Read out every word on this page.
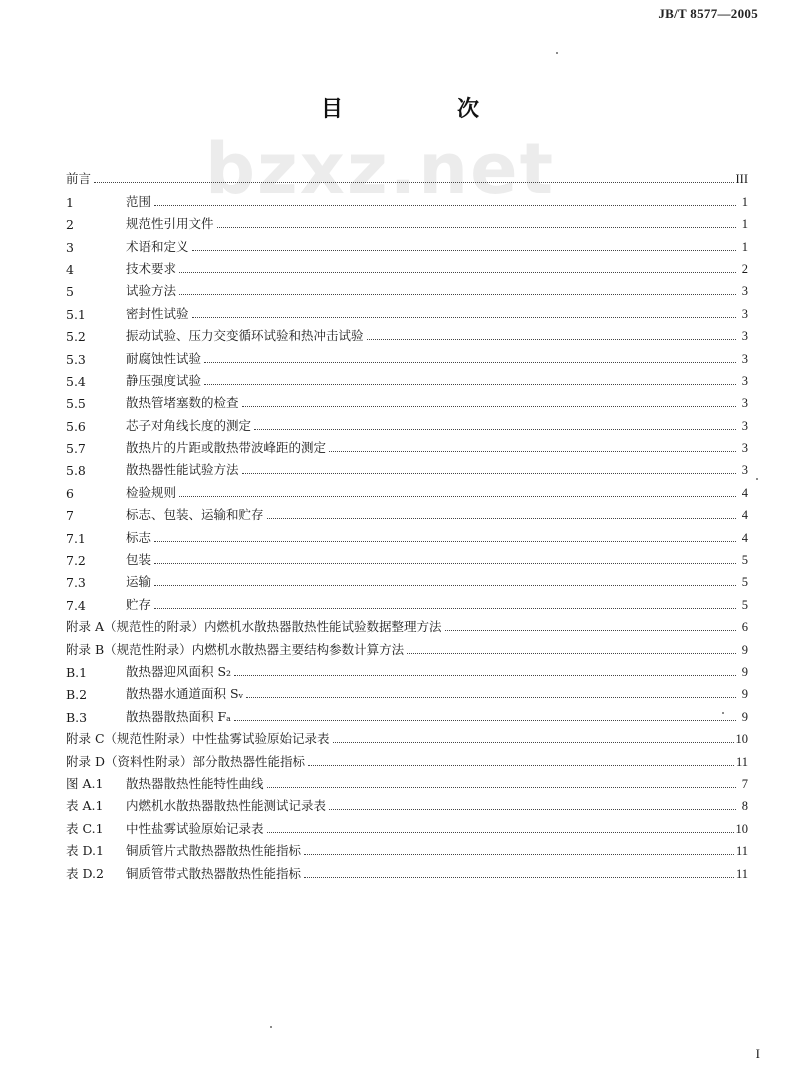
JB/T 8577—2005
bzxz.net
目　次
前言	III
1	范围	1
2	规范性引用文件	1
3	术语和定义	1
4	技术要求	2
5	试验方法	3
5.1	密封性试验	3
5.2	振动试验、压力交变循环试验和热冲击试验	3
5.3	耐腐蚀性试验	3
5.4	静压强度试验	3
5.5	散热管堵塞数的检查	3
5.6	芯子对角线长度的测定	3
5.7	散热片的片距或散热带波峰距的测定	3
5.8	散热器性能试验方法	3
6	检验规则	4
7	标志、包装、运输和贮存	4
7.1	标志	4
7.2	包装	5
7.3	运输	5
7.4	贮存	5
附录 A（规范性的附录）内燃机水散热器散热性能试验数据整理方法	6
附录 B（规范性附录）内燃机水散热器主要结构参数计算方法	9
B.1	散热器迎风面积 S₂	9
B.2	散热器水通道面积 Sᵥ	9
B.3	散热器散热面积 Fₐ	9
附录 C（规范性附录）中性盐雾试验原始记录表	10
附录 D（资料性附录）部分散热器性能指标	11
图 A.1	散热器散热性能特性曲线	7
表 A.1	内燃机水散热器散热性能测试记录表	8
表 C.1	中性盐雾试验原始记录表	10
表 D.1	铜质管片式散热器散热性能指标	11
表 D.2	铜质管带式散热器散热性能指标	11
I
